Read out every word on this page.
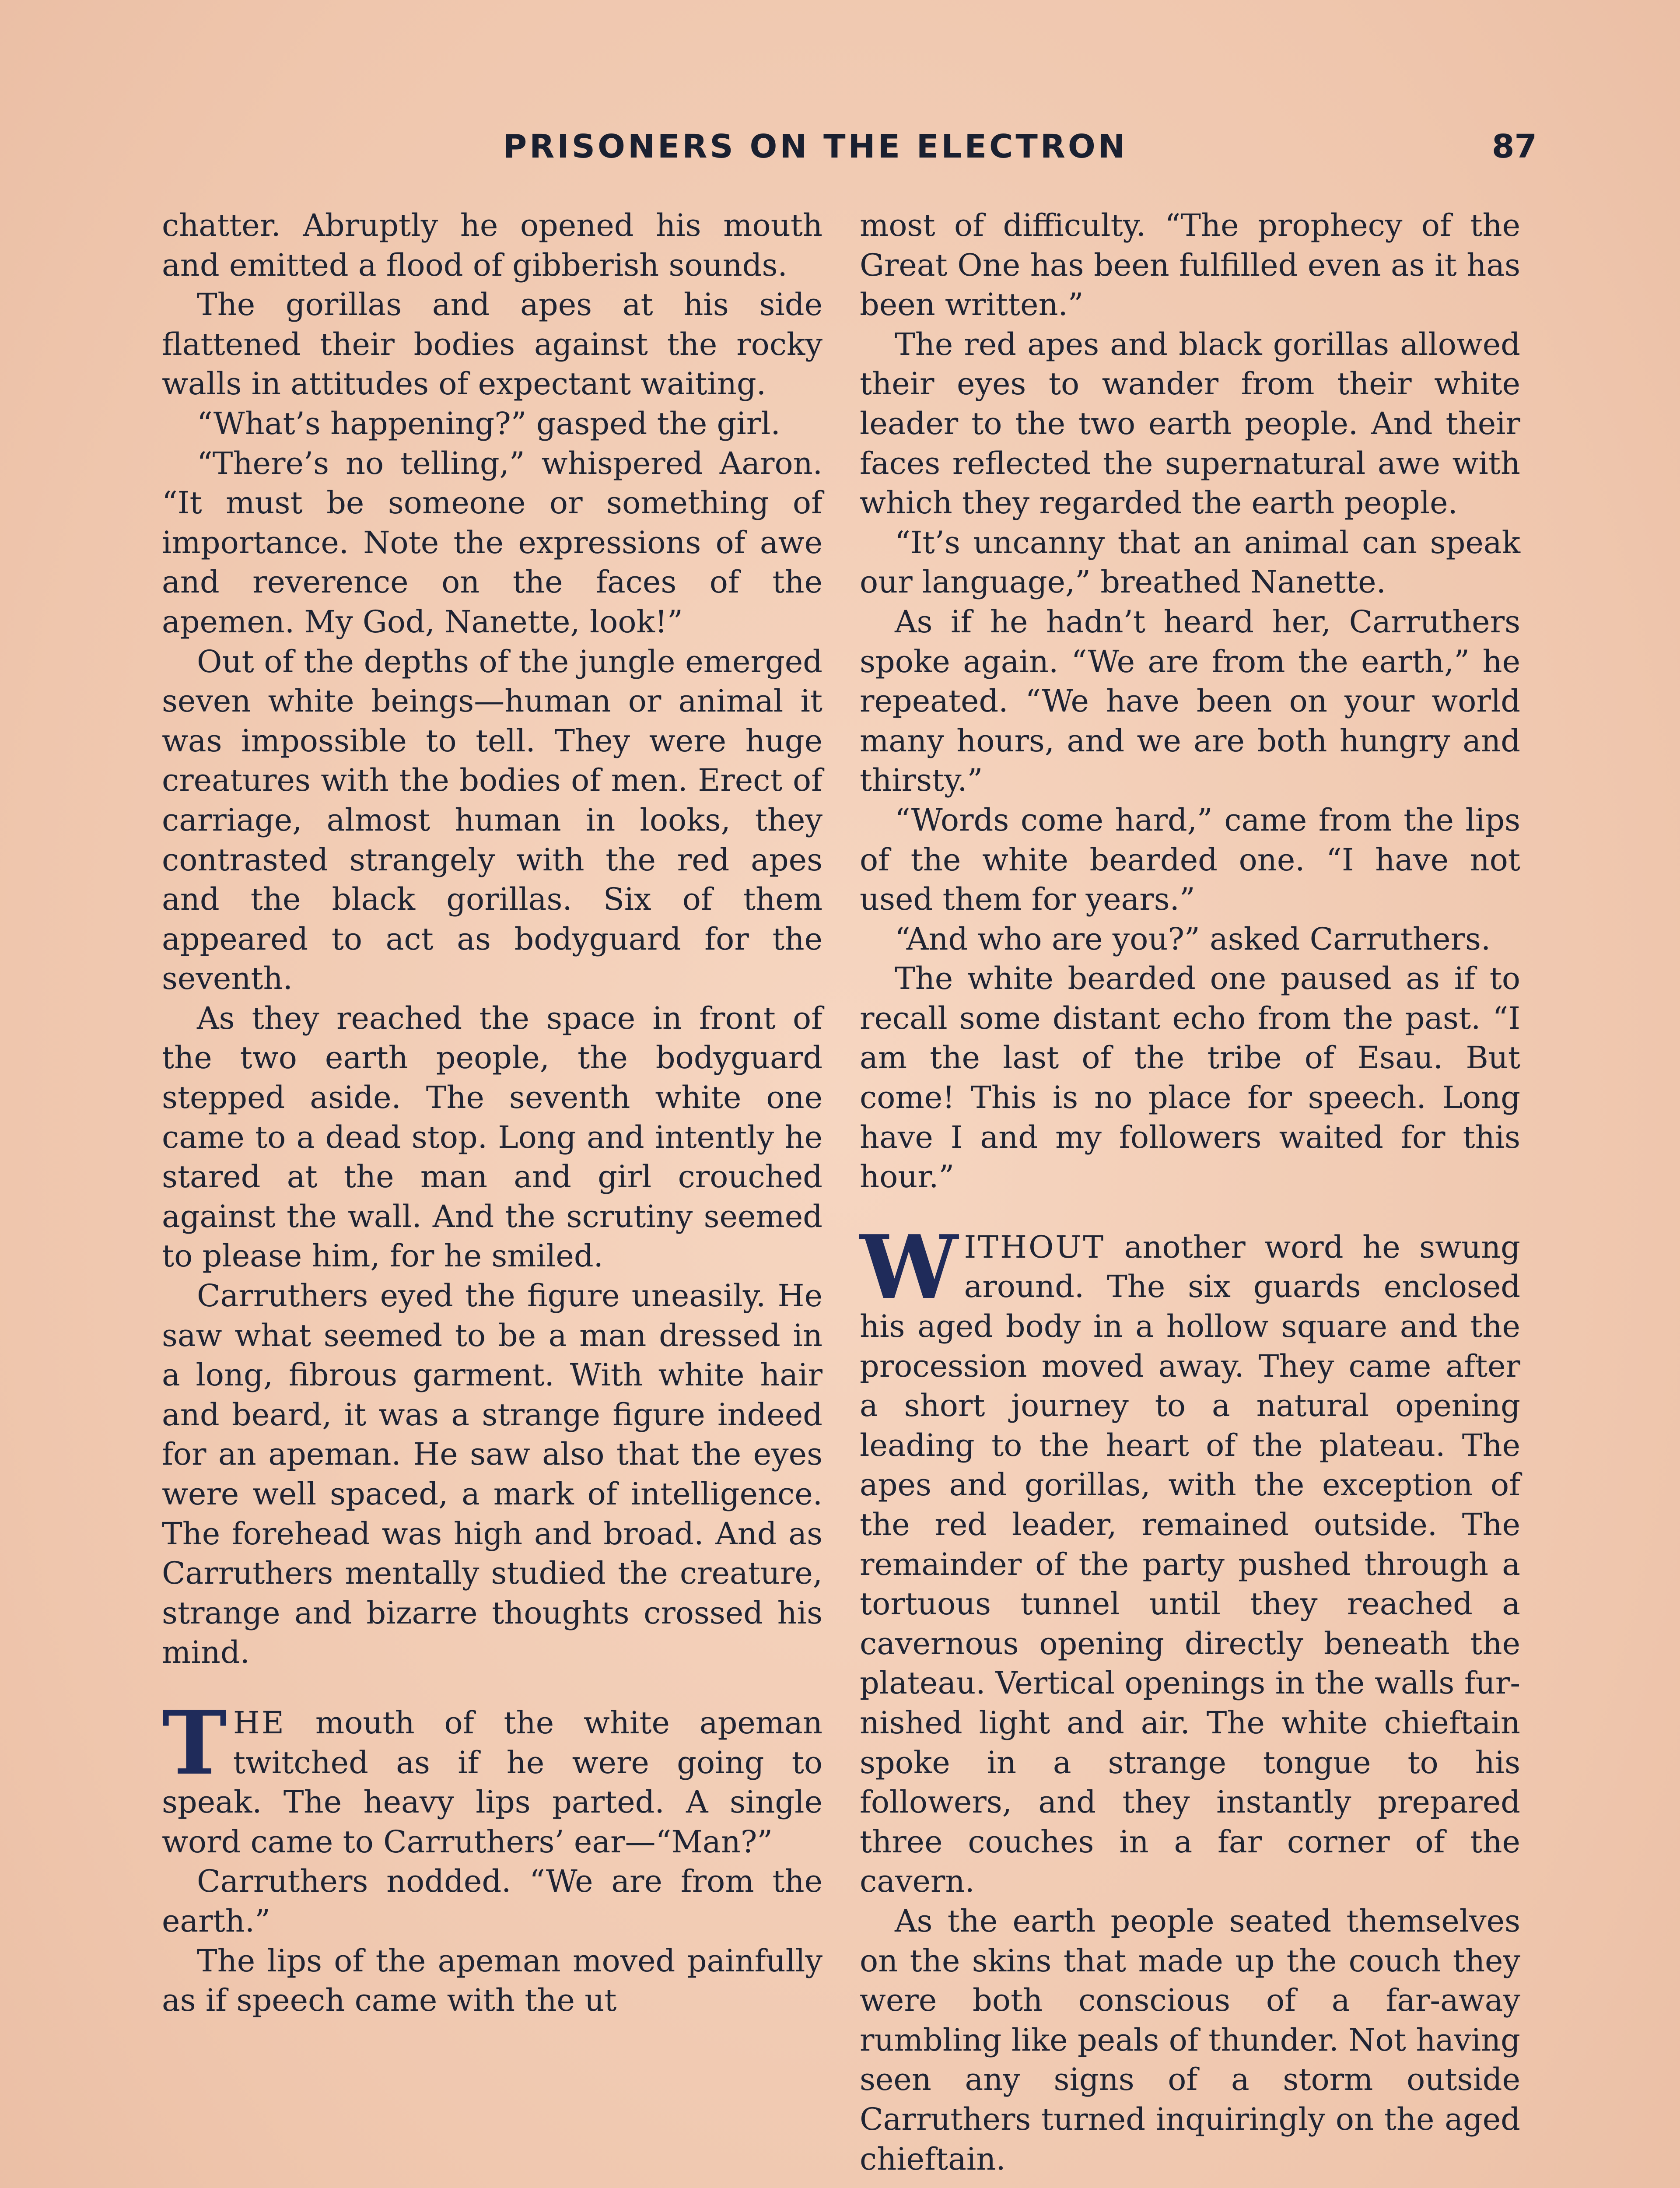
PRISONERS ON THE ELECTRON	87

chatter. Abruptly he opened his mouth and emitted a flood of gibberish sounds.

The gorillas and apes at his side flattened their bodies against the rocky walls in attitudes of expectant waiting.

“What’s happening?” gasped the girl.

“There’s no telling,” whispered Aaron. “It must be someone or something of importance. Note the expressions of awe and reverence on the faces of the apemen. My God, Nanette, look!”

Out of the depths of the jungle emerged seven white beings—human or animal it was impossible to tell. They were huge creatures with the bodies of men. Erect of carriage, almost human in looks, they contrasted strangely with the red apes and the black gorillas. Six of them appeared to act as bodyguard for the seventh.

As they reached the space in front of the two earth people, the bodyguard stepped aside. The seventh white one came to a dead stop. Long and intently he stared at the man and girl crouched against the wall. And the scrutiny seemed to please him, for he smiled.

Carruthers eyed the figure uneasily. He saw what seemed to be a man dressed in a long, fibrous garment. With white hair and beard, it was a strange figure indeed for an apeman. He saw also that the eyes were well spaced, a mark of intelligence. The forehead was high and broad. And as Carruthers mentally studied the creature, strange and bizarre thoughts crossed his mind.

THE mouth of the white apeman twitched as if he were going to speak. The heavy lips parted. A single word came to Carruthers’ ear—“Man?”

Carruthers nodded. “We are from the earth.”

The lips of the apeman moved painfully as if speech came with the ut

most of difficulty. “The prophecy of the Great One has been fulfilled even as it has been written.”

The red apes and black gorillas allowed their eyes to wander from their white leader to the two earth people. And their faces reflected the supernatural awe with which they regarded the earth people.

“It’s uncanny that an animal can speak our language,” breathed Nanette.

As if he hadn’t heard her, Carruthers spoke again. “We are from the earth,” he repeated. “We have been on your world many hours, and we are both hungry and thirsty.”

“Words come hard,” came from the lips of the white bearded one. “I have not used them for years.”

“And who are you?” asked Carruthers.

The white bearded one paused as if to recall some distant echo from the past. “I am the last of the tribe of Esau. But come! This is no place for speech. Long have I and my followers waited for this hour.”

WITHOUT another word he swung around. The six guards enclosed his aged body in a hollow square and the procession moved away. They came after a short journey to a natural opening leading to the heart of the plateau. The apes and gorillas, with the exception of the red leader, remained outside. The remainder of the party pushed through a tortuous tunnel until they reached a cavernous opening directly beneath the plateau. Vertical openings in the walls furnished light and air. The white chieftain spoke in a strange tongue to his followers, and they instantly prepared three couches in a far corner of the cavern.

As the earth people seated themselves on the skins that made up the couch they were both conscious of a far-away rumbling like peals of thunder. Not having seen any signs of a storm outside Carruthers turned inquiringly on the aged chieftain.
